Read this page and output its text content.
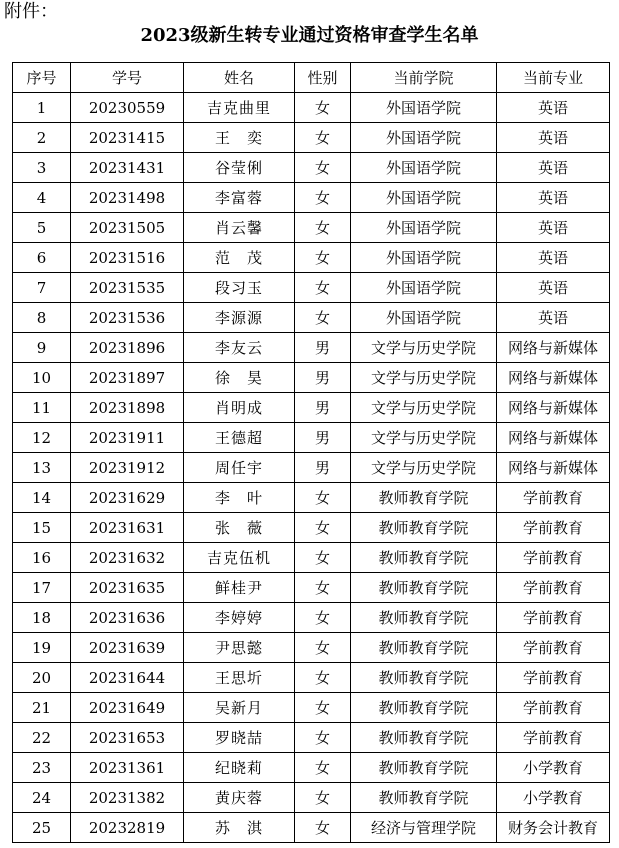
附件：
2023级新生转专业通过资格审查学生名单
序号	学号	姓名	性别	当前学院	当前专业
1	20230559	吉克曲里	女	外国语学院	英语
2	20231415	王　奕	女	外国语学院	英语
3	20231431	谷莹俐	女	外国语学院	英语
4	20231498	李富蓉	女	外国语学院	英语
5	20231505	肖云馨	女	外国语学院	英语
6	20231516	范　茂	女	外国语学院	英语
7	20231535	段习玉	女	外国语学院	英语
8	20231536	李源源	女	外国语学院	英语
9	20231896	李友云	男	文学与历史学院	网络与新媒体
10	20231897	徐　昊	男	文学与历史学院	网络与新媒体
11	20231898	肖明成	男	文学与历史学院	网络与新媒体
12	20231911	王德超	男	文学与历史学院	网络与新媒体
13	20231912	周任宇	男	文学与历史学院	网络与新媒体
14	20231629	李　叶	女	教师教育学院	学前教育
15	20231631	张　薇	女	教师教育学院	学前教育
16	20231632	吉克伍机	女	教师教育学院	学前教育
17	20231635	鲜桂尹	女	教师教育学院	学前教育
18	20231636	李婷婷	女	教师教育学院	学前教育
19	20231639	尹思懿	女	教师教育学院	学前教育
20	20231644	王思圻	女	教师教育学院	学前教育
21	20231649	吴新月	女	教师教育学院	学前教育
22	20231653	罗晓喆	女	教师教育学院	学前教育
23	20231361	纪晓莉	女	教师教育学院	小学教育
24	20231382	黄庆蓉	女	教师教育学院	小学教育
25	20232819	苏　淇	女	经济与管理学院	财务会计教育
